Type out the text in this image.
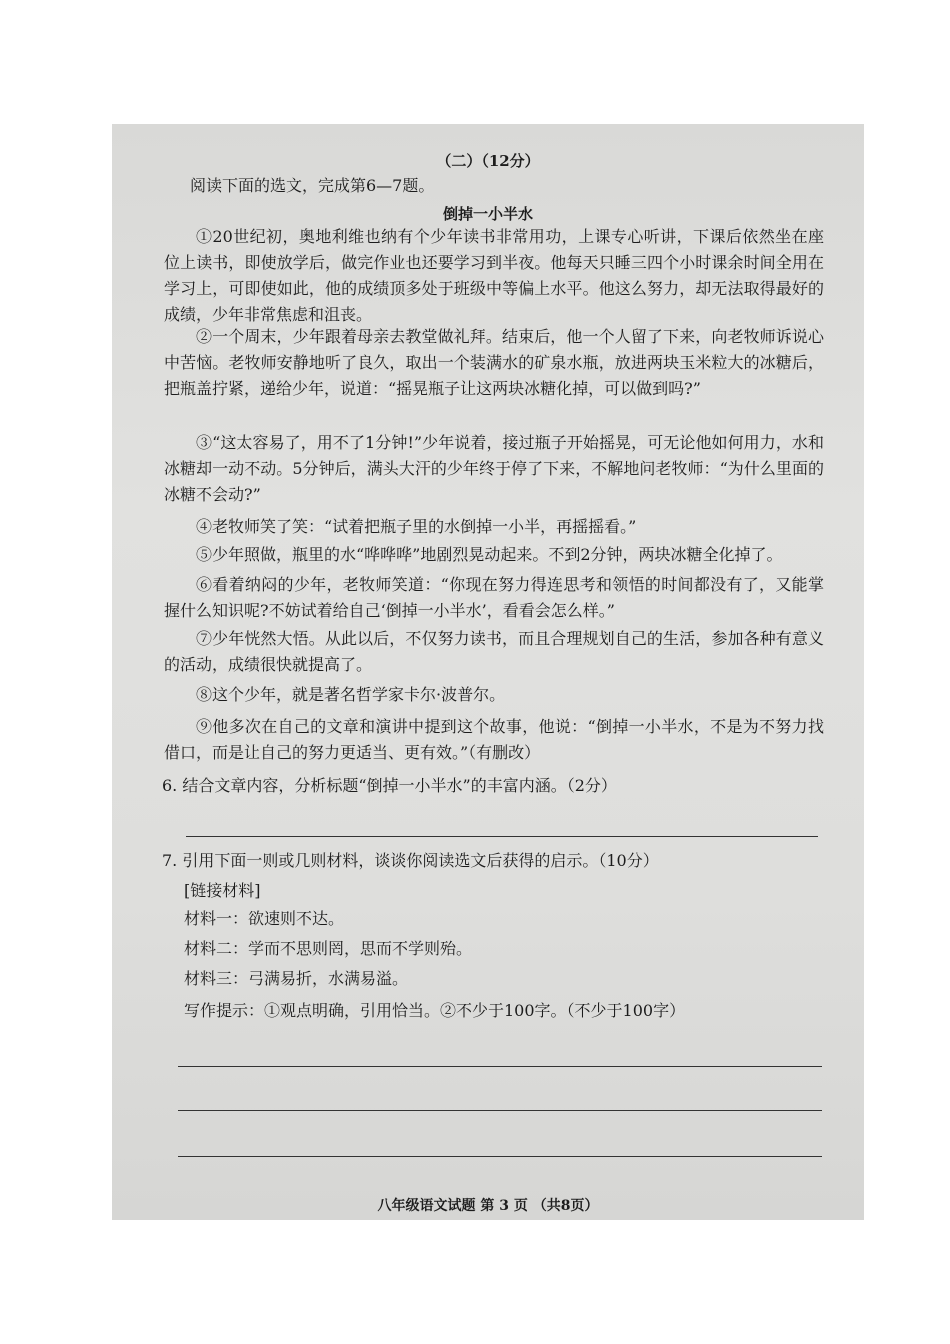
（二）（12分）
阅读下面的选文，完成第6—7题。
倒掉一小半水
①20世纪初，奥地利维也纳有个少年读书非常用功，上课专心听讲，下课后依然坐在座位上读书，即使放学后，做完作业也还要学习到半夜。他每天只睡三四个小时课余时间全用在学习上，可即使如此，他的成绩顶多处于班级中等偏上水平。他这么努力，却无法取得最好的成绩，少年非常焦虑和沮丧。
②一个周末，少年跟着母亲去教堂做礼拜。结束后，他一个人留了下来，向老牧师诉说心中苦恼。老牧师安静地听了良久，取出一个装满水的矿泉水瓶，放进两块玉米粒大的冰糖后，把瓶盖拧紧，递给少年，说道：“摇晃瓶子让这两块冰糖化掉，可以做到吗?”
③“这太容易了，用不了1分钟!”少年说着，接过瓶子开始摇晃，可无论他如何用力，水和冰糖却一动不动。5分钟后，满头大汗的少年终于停了下来，不解地问老牧师：“为什么里面的冰糖不会动?”
④老牧师笑了笑：“试着把瓶子里的水倒掉一小半，再摇摇看。”
⑤少年照做，瓶里的水“哗哗哗”地剧烈晃动起来。不到2分钟，两块冰糖全化掉了。
⑥看着纳闷的少年，老牧师笑道：“你现在努力得连思考和领悟的时间都没有了，又能掌握什么知识呢?不妨试着给自己‘倒掉一小半水’，看看会怎么样。”
⑦少年恍然大悟。从此以后，不仅努力读书，而且合理规划自己的生活，参加各种有意义的活动，成绩很快就提高了。
⑧这个少年，就是著名哲学家卡尔·波普尔。
⑨他多次在自己的文章和演讲中提到这个故事，他说：“倒掉一小半水，不是为不努力找借口，而是让自己的努力更适当、更有效。”（有删改）
6. 结合文章内容，分析标题“倒掉一小半水”的丰富内涵。（2分）
7. 引用下面一则或几则材料，谈谈你阅读选文后获得的启示。（10分）
[链接材料]
材料一：欲速则不达。
材料二：学而不思则罔，思而不学则殆。
材料三：弓满易折，水满易溢。
写作提示：①观点明确，引用恰当。②不少于100字。（不少于100字）
八年级语文试题 第 3 页 （共8页）
